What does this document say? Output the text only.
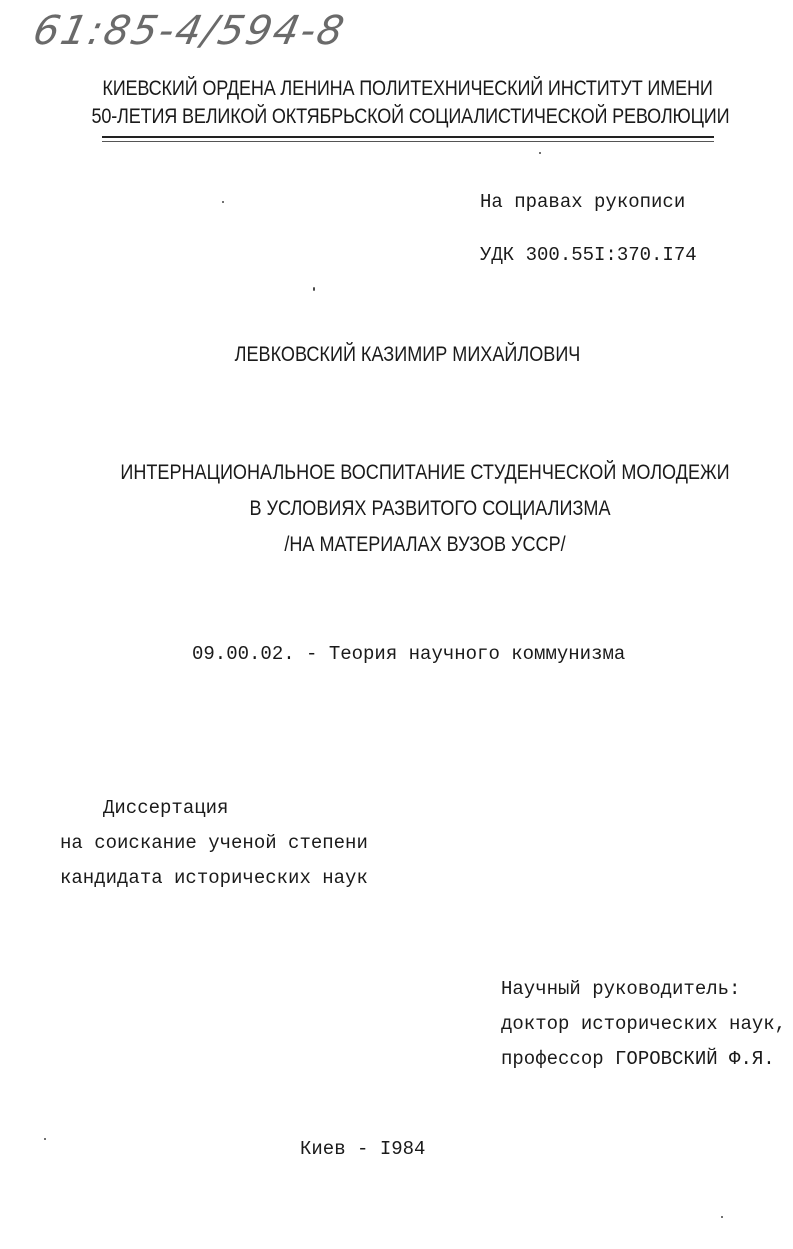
61:85-4/594-8
КИЕВСКИЙ ОРДЕНА ЛЕНИНА ПОЛИТЕХНИЧЕСКИЙ ИНСТИТУТ ИМЕНИ
50-ЛЕТИЯ ВЕЛИКОЙ ОКТЯБРЬСКОЙ СОЦИАЛИСТИЧЕСКОЙ РЕВОЛЮЦИИ
На правах рукописи
УДК 300.55I:370.I74
ЛЕВКОВСКИЙ КАЗИМИР МИХАЙЛОВИЧ
ИНТЕРНАЦИОНАЛЬНОЕ ВОСПИТАНИЕ СТУДЕНЧЕСКОЙ МОЛОДЕЖИ
В УСЛОВИЯХ РАЗВИТОГО СОЦИАЛИЗМА
/НА МАТЕРИАЛАХ ВУЗОВ УССР/
09.00.02. - Теория научного коммунизма
Диссертация
на соискание ученой степени
кандидата исторических наук
Научный руководитель:
доктор исторических наук,
профессор ГОРОВСКИЙ Ф.Я.
Киев - I984
